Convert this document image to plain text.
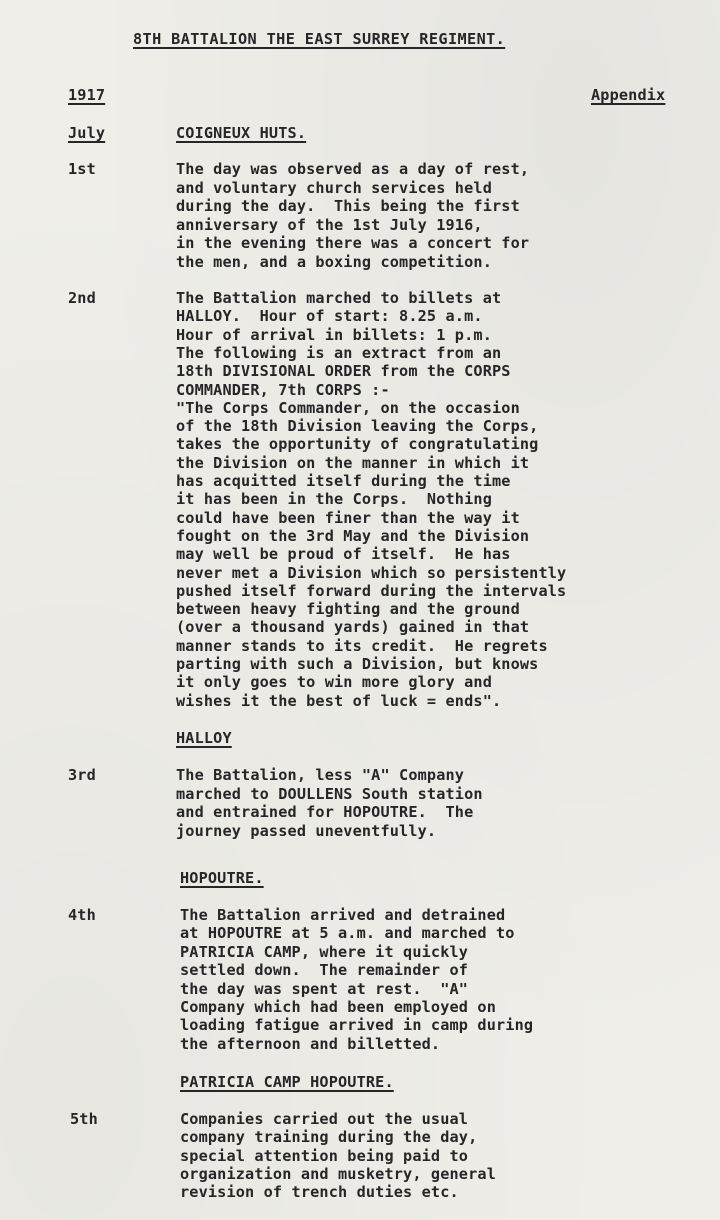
8TH BATTALION THE EAST SURREY REGIMENT.
1917	Appendix
July	COIGNEUX HUTS.
1st	The day was observed as a day of rest,
and voluntary church services held
during the day.  This being the first
anniversary of the 1st July 1916,
in the evening there was a concert for
the men, and a boxing competition.
2nd	The Battalion marched to billets at
HALLOY.  Hour of start: 8.25 a.m.
Hour of arrival in billets: 1 p.m.
The following is an extract from an
18th DIVISIONAL ORDER from the CORPS
COMMANDER, 7th CORPS :-
"The Corps Commander, on the occasion
of the 18th Division leaving the Corps,
takes the opportunity of congratulating
the Division on the manner in which it
has acquitted itself during the time
it has been in the Corps.  Nothing
could have been finer than the way it
fought on the 3rd May and the Division
may well be proud of itself.  He has
never met a Division which so persistently
pushed itself forward during the intervals
between heavy fighting and the ground
(over a thousand yards) gained in that
manner stands to its credit.  He regrets
parting with such a Division, but knows
it only goes to win more glory and
wishes it the best of luck = ends".
HALLOY
3rd	The Battalion, less "A" Company
marched to DOULLENS South station
and entrained for HOPOUTRE.  The
journey passed uneventfully.
HOPOUTRE.
4th	The Battalion arrived and detrained
at HOPOUTRE at 5 a.m. and marched to
PATRICIA CAMP, where it quickly
settled down.  The remainder of
the day was spent at rest.  "A"
Company which had been employed on
loading fatigue arrived in camp during
the afternoon and billetted.
PATRICIA CAMP HOPOUTRE.
5th	Companies carried out the usual
company training during the day,
special attention being paid to
organization and musketry, general
revision of trench duties etc.
